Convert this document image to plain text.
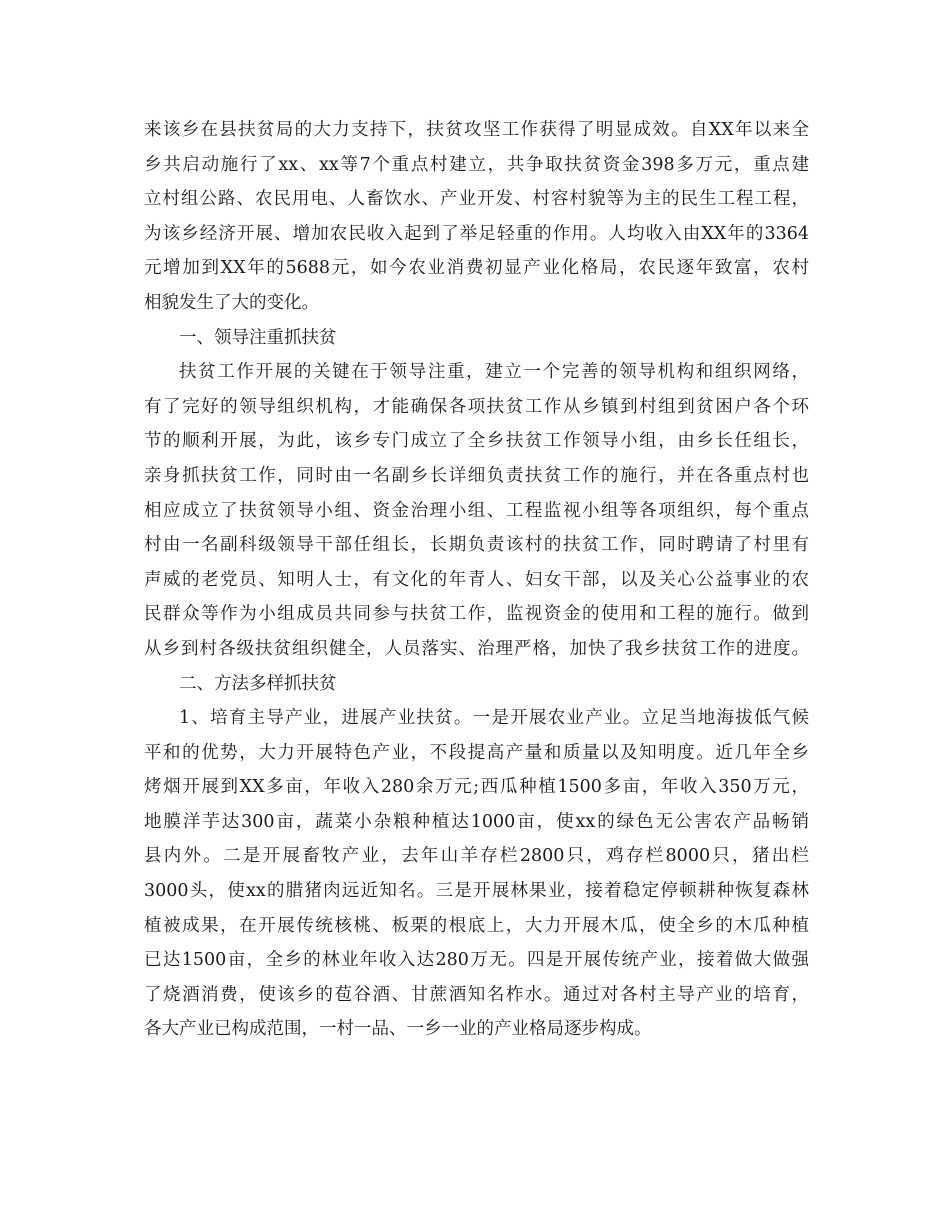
来该乡在县扶贫局的大力支持下，扶贫攻坚工作获得了明显成效。自XX年以来全
乡共启动施行了xx、xx等7个重点村建立，共争取扶贫资金398多万元，重点建
立村组公路、农民用电、人畜饮水、产业开发、村容村貌等为主的民生工程工程，
为该乡经济开展、增加农民收入起到了举足轻重的作用。人均收入由XX年的3364
元增加到XX年的5688元，如今农业消费初显产业化格局，农民逐年致富，农村
相貌发生了大的变化。
一、领导注重抓扶贫
扶贫工作开展的关键在于领导注重，建立一个完善的领导机构和组织网络，
有了完好的领导组织机构，才能确保各项扶贫工作从乡镇到村组到贫困户各个环
节的顺利开展，为此，该乡专门成立了全乡扶贫工作领导小组，由乡长任组长，
亲身抓扶贫工作，同时由一名副乡长详细负责扶贫工作的施行，并在各重点村也
相应成立了扶贫领导小组、资金治理小组、工程监视小组等各项组织，每个重点
村由一名副科级领导干部任组长，长期负责该村的扶贫工作，同时聘请了村里有
声威的老党员、知明人士，有文化的年青人、妇女干部，以及关心公益事业的农
民群众等作为小组成员共同参与扶贫工作，监视资金的使用和工程的施行。做到
从乡到村各级扶贫组织健全，人员落实、治理严格，加快了我乡扶贫工作的进度。
二、方法多样抓扶贫
1、培育主导产业，进展产业扶贫。一是开展农业产业。立足当地海拔低气候
平和的优势，大力开展特色产业，不段提高产量和质量以及知明度。近几年全乡
烤烟开展到XX多亩，年收入280余万元;西瓜种植1500多亩，年收入350万元，
地膜洋芋达300亩，蔬菜小杂粮种植达1000亩，使xx的绿色无公害农产品畅销
县内外。二是开展畜牧产业，去年山羊存栏2800只，鸡存栏8000只，猪出栏
3000头，使xx的腊猪肉远近知名。三是开展林果业，接着稳定停顿耕种恢复森林
植被成果，在开展传统核桃、板栗的根底上，大力开展木瓜，使全乡的木瓜种植
已达1500亩，全乡的林业年收入达280万无。四是开展传统产业，接着做大做强
了烧酒消费，使该乡的苞谷酒、甘蔗酒知名柞水。通过对各村主导产业的培育，
各大产业已构成范围，一村一品、一乡一业的产业格局逐步构成。
